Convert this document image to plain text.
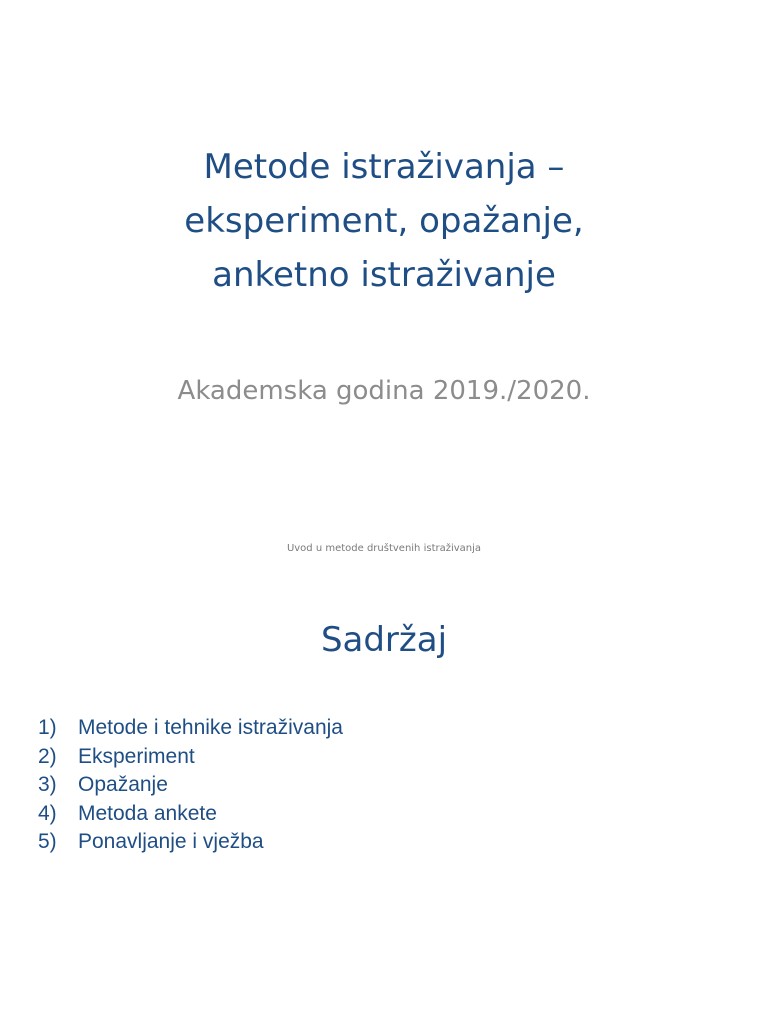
Metode istraživanja –
eksperiment, opažanje,
anketno istraživanje

Akademska godina 2019./2020.

Uvod u metode društvenih istraživanja
Sadržaj
1)	Metode i tehnike istraživanja
2)	Eksperiment
3)	Opažanje
4)	Metoda ankete
5)	Ponavljanje i vježba
